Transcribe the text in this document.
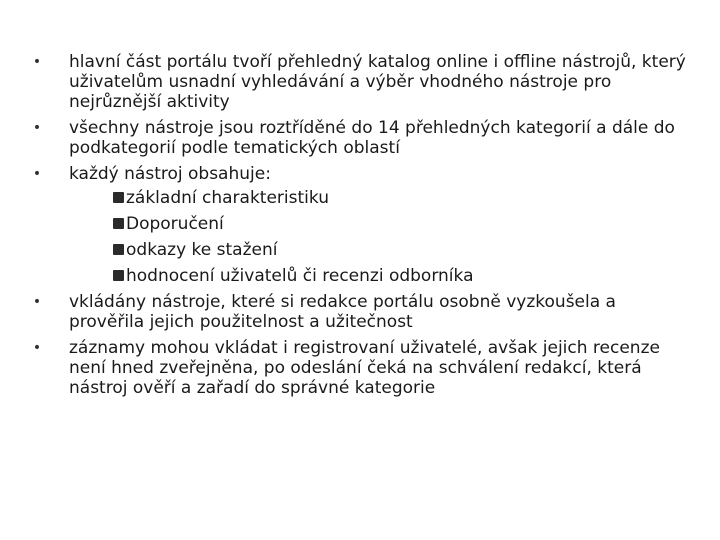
• hlavní část portálu tvoří přehledný katalog online i offline nástrojů, který uživatelům usnadní vyhledávání a výběr vhodného nástroje pro nejrůznější aktivity
• všechny nástroje jsou roztříděné do 14 přehledných kategorií a dále do podkategorií podle tematických oblastí
• každý nástroj obsahuje:
základní charakteristiku
Doporučení
odkazy ke stažení
hodnocení uživatelů či recenzi odborníka
• vkládány nástroje, které si redakce portálu osobně vyzkoušela a prověřila jejich použitelnost a užitečnost
• záznamy mohou vkládat i registrovaní uživatelé, avšak jejich recenze není hned zveřejněna, po odeslání čeká na schválení redakcí, která nástroj ověří a zařadí do správné kategorie
